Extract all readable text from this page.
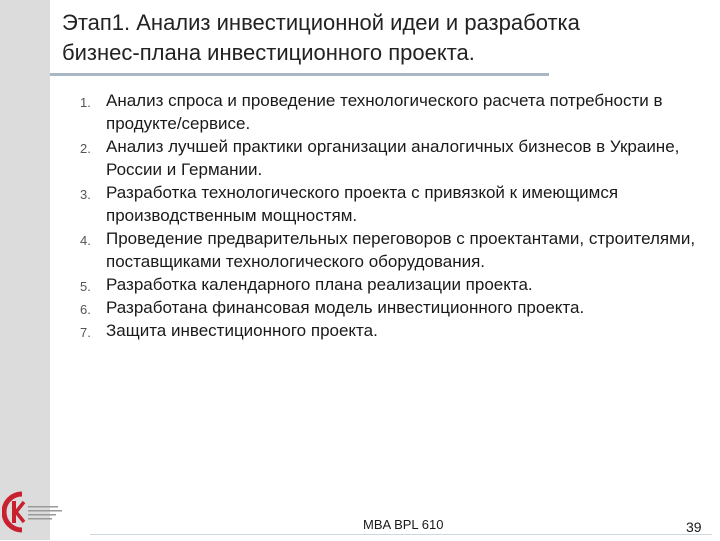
Этап1. Анализ инвестиционной идеи и разработка бизнес-плана инвестиционного проекта.
1. Анализ спроса и проведение технологического расчета потребности в продукте/сервисе.
2. Анализ лучшей практики организации аналогичных бизнесов в Украине, России и Германии.
3. Разработка технологического проекта с привязкой к имеющимся производственным мощностям.
4. Проведение предварительных переговоров с проектантами, строителями, поставщиками технологического оборудования.
5. Разработка календарного плана реализации проекта.
6. Разработана финансовая модель инвестиционного проекта.
7. Защита инвестиционного проекта.
MBA BPL 610	39
